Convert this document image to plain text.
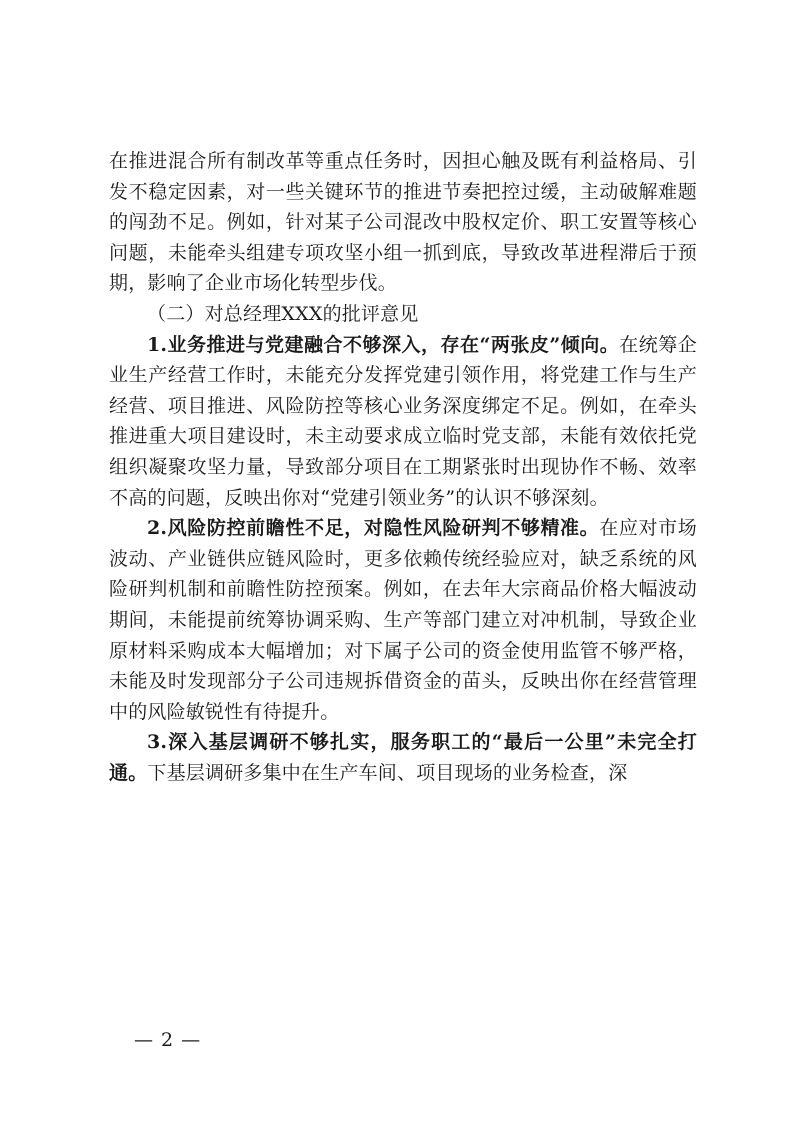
在推进混合所有制改革等重点任务时，因担心触及既有利益格局、引发不稳定因素，对一些关键环节的推进节奏把控过缓，主动破解难题的闯劲不足。例如，针对某子公司混改中股权定价、职工安置等核心问题，未能牵头组建专项攻坚小组一抓到底，导致改革进程滞后于预期，影响了企业市场化转型步伐。

（二）对总经理XXX的批评意见

1.业务推进与党建融合不够深入，存在“两张皮”倾向。在统筹企业生产经营工作时，未能充分发挥党建引领作用，将党建工作与生产经营、项目推进、风险防控等核心业务深度绑定不足。例如，在牵头推进重大项目建设时，未主动要求成立临时党支部，未能有效依托党组织凝聚攻坚力量，导致部分项目在工期紧张时出现协作不畅、效率不高的问题，反映出你对“党建引领业务”的认识不够深刻。

2.风险防控前瞻性不足，对隐性风险研判不够精准。在应对市场波动、产业链供应链风险时，更多依赖传统经验应对，缺乏系统的风险研判机制和前瞻性防控预案。例如，在去年大宗商品价格大幅波动期间，未能提前统筹协调采购、生产等部门建立对冲机制，导致企业原材料采购成本大幅增加；对下属子公司的资金使用监管不够严格，未能及时发现部分子公司违规拆借资金的苗头，反映出你在经营管理中的风险敏锐性有待提升。

3.深入基层调研不够扎实，服务职工的“最后一公里”未完全打通。下基层调研多集中在生产车间、项目现场的业务检查，深

— 2 —
